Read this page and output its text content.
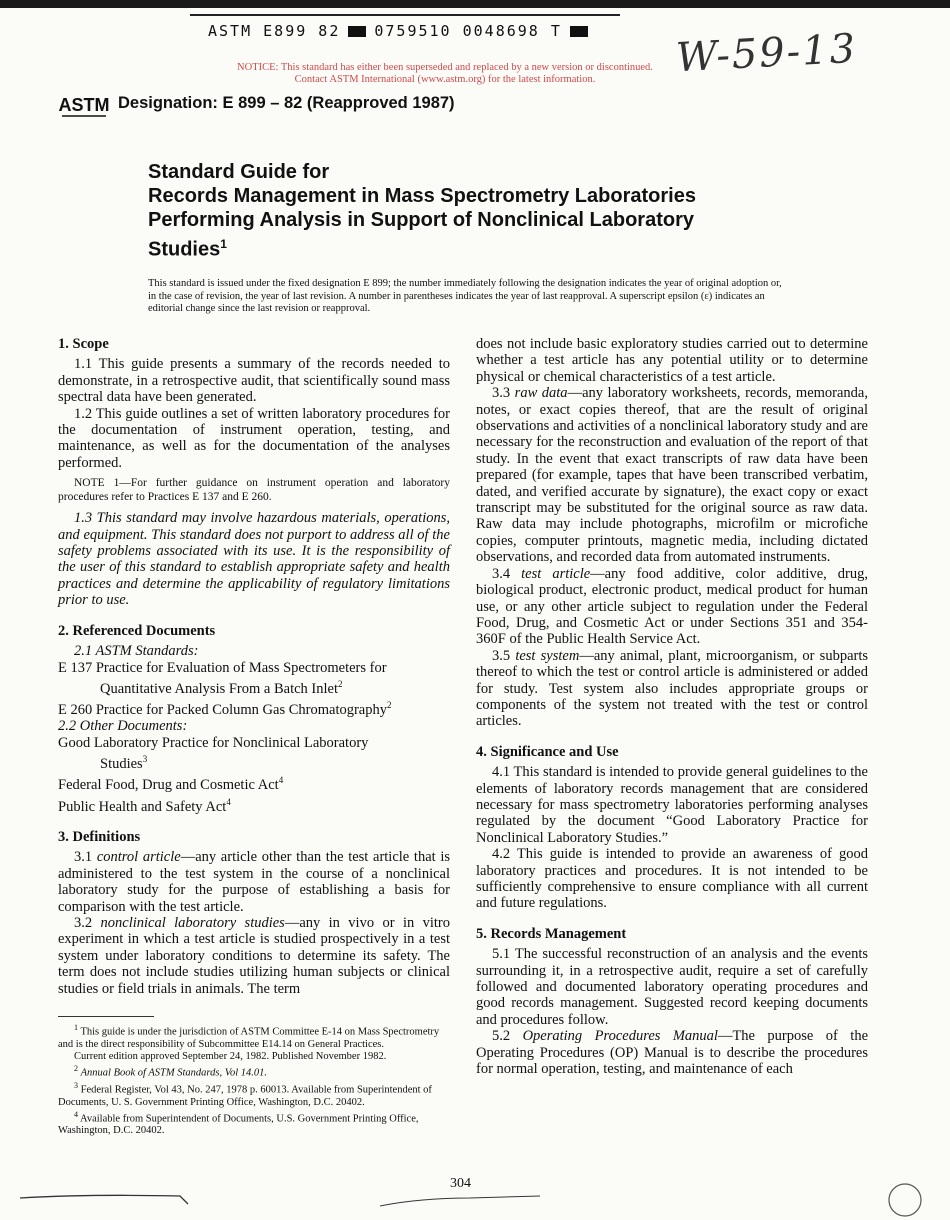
ASTM E899 82 0759510 0048698 T
NOTICE: This standard has either been superseded and replaced by a new version or discontinued.
Contact ASTM International (www.astm.org) for the latest information.	W-59-13
ASTM Designation: E 899 – 82 (Reapproved 1987)
Standard Guide for
Records Management in Mass Spectrometry Laboratories
Performing Analysis in Support of Nonclinical Laboratory
Studies$^1$
This standard is issued under the fixed designation E 899; the number immediately following the designation indicates the year of original adoption or, in the case of revision, the year of last revision. A number in parentheses indicates the year of last reapproval. A superscript epsilon (ε) indicates an editorial change since the last revision or reapproval.
1. Scope

1.1 This guide presents a summary of the records needed to demonstrate, in a retrospective audit, that scientifically sound mass spectral data have been generated.

1.2 This guide outlines a set of written laboratory procedures for the documentation of instrument operation, testing, and maintenance, as well as for the documentation of the analyses performed.

NOTE 1—For further guidance on instrument operation and laboratory procedures refer to Practices E 137 and E 260.

1.3 This standard may involve hazardous materials, operations, and equipment. This standard does not purport to address all of the safety problems associated with its use. It is the responsibility of the user of this standard to establish appropriate safety and health practices and determine the applicability of regulatory limitations prior to use.

2. Referenced Documents

2.1 ASTM Standards:

E 137 Practice for Evaluation of Mass Spectrometers for

Quantitative Analysis From a Batch Inlet$^2$

E 260 Practice for Packed Column Gas Chromatography$^2$

2.2 Other Documents:

Good Laboratory Practice for Nonclinical Laboratory

Studies$^3$

Federal Food, Drug and Cosmetic Act$^4$

Public Health and Safety Act$^4$

3. Definitions

3.1 control article—any article other than the test article that is administered to the test system in the course of a nonclinical laboratory study for the purpose of establishing a basis for comparison with the test article.

3.2 nonclinical laboratory studies—any in vivo or in vitro experiment in which a test article is studied prospectively in a test system under laboratory conditions to determine its safety. The term does not include studies utilizing human subjects or clinical studies or field trials in animals. The term

does not include basic exploratory studies carried out to determine whether a test article has any potential utility or to determine physical or chemical characteristics of a test article.

3.3 raw data—any laboratory worksheets, records, memoranda, notes, or exact copies thereof, that are the result of original observations and activities of a nonclinical laboratory study and are necessary for the reconstruction and evaluation of the report of that study. In the event that exact transcripts of raw data have been prepared (for example, tapes that have been transcribed verbatim, dated, and verified accurate by signature), the exact copy or exact transcript may be substituted for the original source as raw data. Raw data may include photographs, microfilm or microfiche copies, computer printouts, magnetic media, including dictated observations, and recorded data from automated instruments.

3.4 test article—any food additive, color additive, drug, biological product, electronic product, medical product for human use, or any other article subject to regulation under the Federal Food, Drug, and Cosmetic Act or under Sections 351 and 354-360F of the Public Health Service Act.

3.5 test system—any animal, plant, microorganism, or subparts thereof to which the test or control article is administered or added for study. Test system also includes appropriate groups or components of the system not treated with the test or control articles.

4. Significance and Use

4.1 This standard is intended to provide general guidelines to the elements of laboratory records management that are considered necessary for mass spectrometry laboratories performing analyses regulated by the document “Good Laboratory Practice for Nonclinical Laboratory Studies.”

4.2 This guide is intended to provide an awareness of good laboratory practices and procedures. It is not intended to be sufficiently comprehensive to ensure compliance with all current and future regulations.

5. Records Management

5.1 The successful reconstruction of an analysis and the events surrounding it, in a retrospective audit, require a set of carefully followed and documented laboratory operating procedures and good records management. Suggested record keeping documents and procedures follow.

5.2 Operating Procedures Manual—The purpose of the Operating Procedures (OP) Manual is to describe the procedures for normal operation, testing, and maintenance of each

$^1$ This guide is under the jurisdiction of ASTM Committee E-14 on Mass Spectrometry and is the direct responsibility of Subcommittee E14.14 on General Practices.

Current edition approved September 24, 1982. Published November 1982.

$^2$ Annual Book of ASTM Standards, Vol 14.01.

$^3$ Federal Register, Vol 43, No. 247, 1978 p. 60013. Available from Superintendent of Documents, U. S. Government Printing Office, Washington, D.C. 20402.

$^4$ Available from Superintendent of Documents, U.S. Government Printing Office, Washington, D.C. 20402.

304
